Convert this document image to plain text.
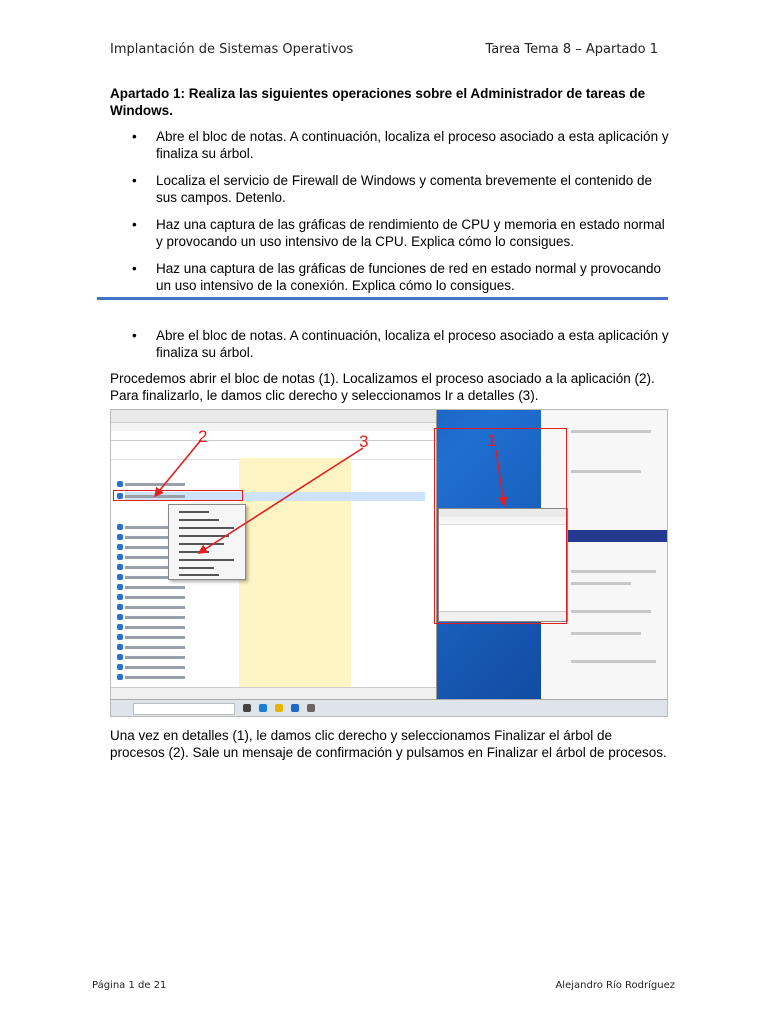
Implantación de Sistemas Operativos	Tarea Tema 8 – Apartado 1
Apartado 1: Realiza las siguientes operaciones sobre el Administrador de tareas de Windows.
• Abre el bloc de notas. A continuación, localiza el proceso asociado a esta aplicación y finaliza su árbol.
• Localiza el servicio de Firewall de Windows y comenta brevemente el contenido de sus campos. Detenlo.
• Haz una captura de las gráficas de rendimiento de CPU y memoria en estado normal y provocando un uso intensivo de la CPU. Explica cómo lo consigues.
• Haz una captura de las gráficas de funciones de red en estado normal y provocando un uso intensivo de la conexión. Explica cómo lo consigues.
• Abre el bloc de notas. A continuación, localiza el proceso asociado a esta aplicación y finaliza su árbol.

Procedemos abrir el bloc de notas (1). Localizamos el proceso asociado a la aplicación (2). Para finalizarlo, le damos clic derecho y seleccionamos Ir a detalles (3).

2	3	1

Una vez en detalles (1), le damos clic derecho y seleccionamos Finalizar el árbol de procesos (2). Sale un mensaje de confirmación y pulsamos en Finalizar el árbol de procesos.

Página 1 de 21	Alejandro Río Rodríguez
